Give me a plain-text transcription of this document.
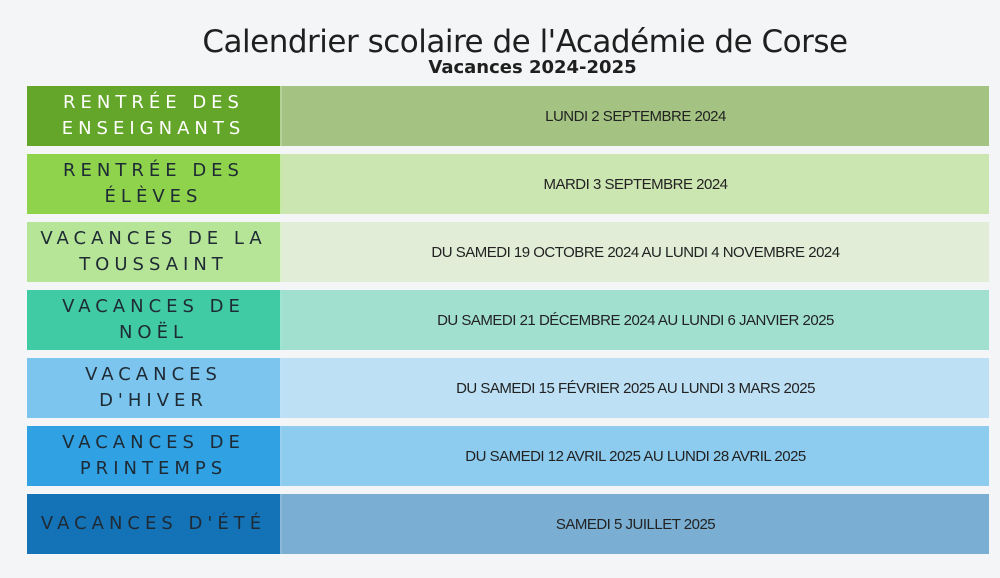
Calendrier scolaire de l'Académie de Corse
Vacances 2024-2025
RENTRÉE DES ENSEIGNANTS
LUNDI 2 SEPTEMBRE 2024
RENTRÉE DES ÉLÈVES
MARDI 3 SEPTEMBRE 2024
VACANCES DE LA TOUSSAINT
DU SAMEDI 19 OCTOBRE 2024 AU LUNDI 4 NOVEMBRE 2024
VACANCES DE NOËL
DU SAMEDI 21 DÉCEMBRE 2024 AU LUNDI 6 JANVIER 2025
VACANCES D'HIVER
DU SAMEDI 15 FÉVRIER 2025 AU LUNDI 3 MARS 2025
VACANCES DE PRINTEMPS
DU SAMEDI 12 AVRIL 2025 AU LUNDI 28 AVRIL 2025
VACANCES D'ÉTÉ	SAMEDI 5 JUILLET 2025
